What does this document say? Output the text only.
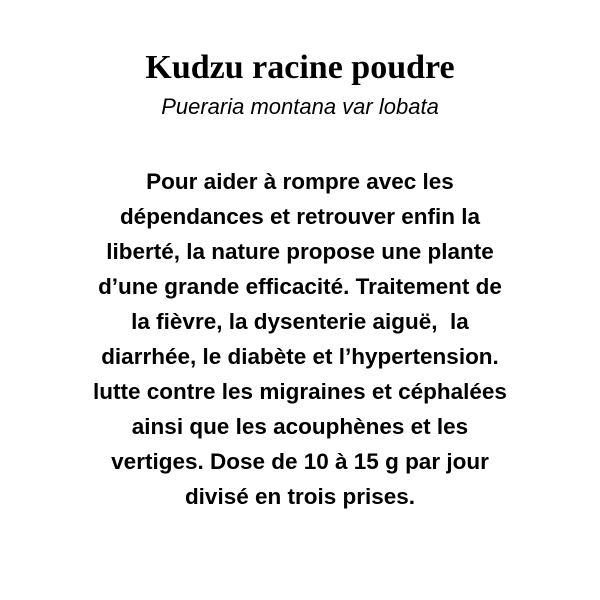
Kudzu racine poudre

Pueraria montana var lobata

Pour aider à rompre avec les
dépendances et retrouver enfin la
liberté, la nature propose une plante
d’une grande efficacité. Traitement de
la fièvre, la dysenterie aiguë,  la
diarrhée, le diabète et l’hypertension.
lutte contre les migraines et céphalées
ainsi que les acouphènes et les
vertiges. Dose de 10 à 15 g par jour
divisé en trois prises.
